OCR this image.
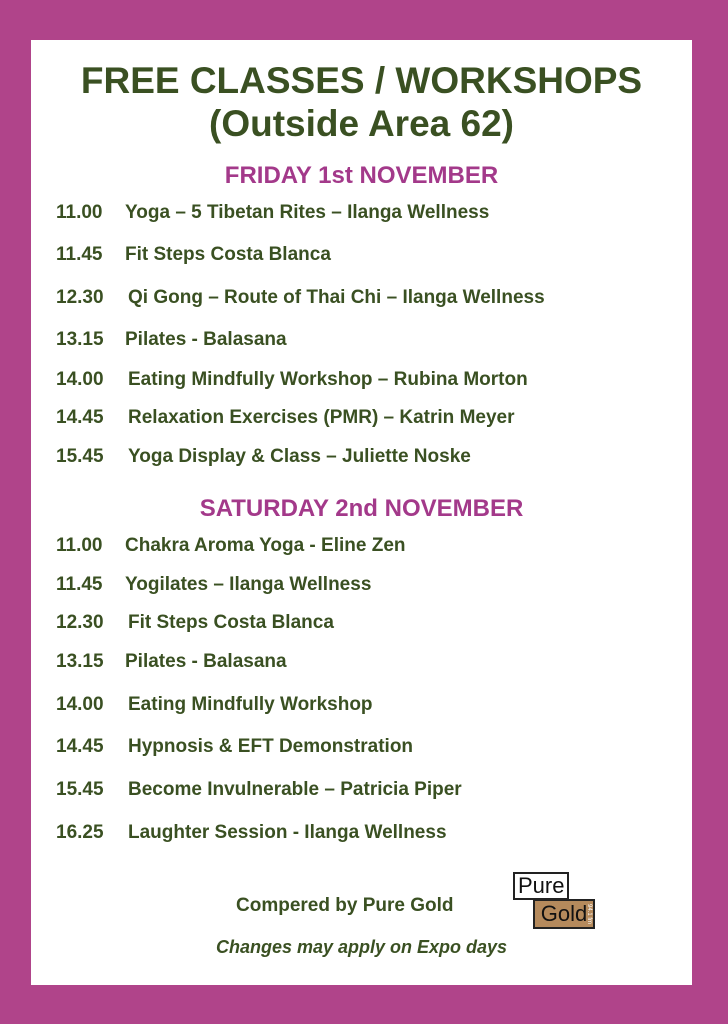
FREE CLASSES / WORKSHOPS
(Outside Area 62)
FRIDAY 1st NOVEMBER
11.00 Yoga – 5 Tibetan Rites – Ilanga Wellness
11.45 Fit Steps Costa Blanca
12.30 Qi Gong – Route of Thai Chi – Ilanga Wellness
13.15 Pilates - Balasana
14.00 Eating Mindfully Workshop – Rubina Morton
14.45 Relaxation Exercises (PMR) – Katrin Meyer
15.45 Yoga Display & Class – Juliette Noske
SATURDAY 2nd NOVEMBER
11.00 Chakra Aroma Yoga - Eline Zen
11.45 Yogilates – Ilanga Wellness
12.30 Fit Steps Costa Blanca
13.15 Pilates - Balasana
14.00 Eating Mindfully Workshop
14.45 Hypnosis & EFT Demonstration
15.45 Become Invulnerable – Patricia Piper
16.25 Laughter Session - Ilanga Wellness
Compered by Pure Gold
Pure
Gold
94.1 fm
Changes may apply on Expo days
